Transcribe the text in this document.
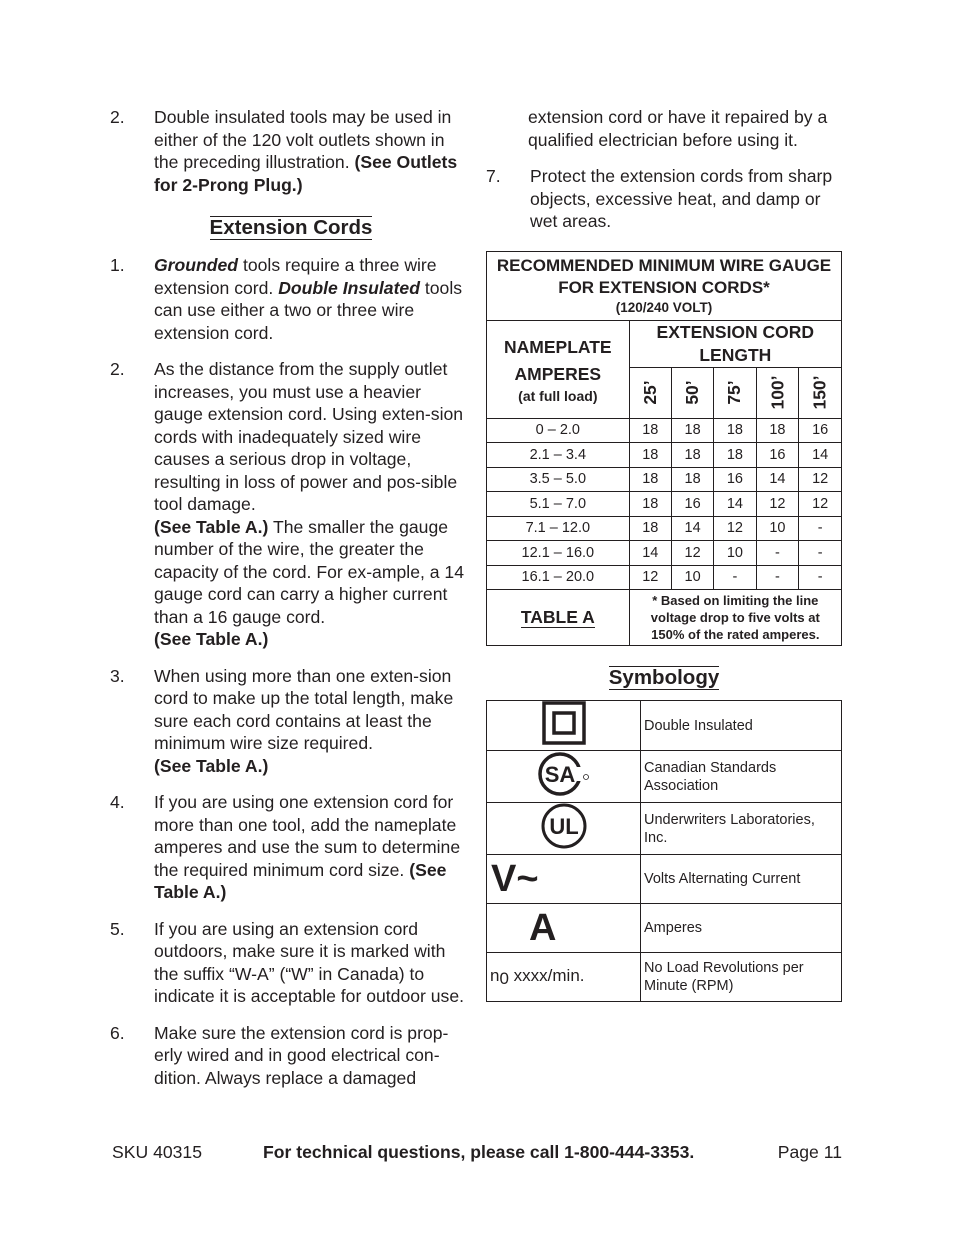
2.	Double insulated tools may be used in either of the 120 volt outlets shown in the preceding illustration. (See Outlets for 2-Prong Plug.)
Extension Cords
1.	Grounded tools require a three wire extension cord. Double Insulated tools can use either a two or three wire extension cord.
2.	As the distance from the supply outlet increases, you must use a heavier gauge extension cord. Using exten-sion cords with inadequately sized wire causes a serious drop in voltage, resulting in loss of power and pos-sible tool damage.
(See Table A.) The smaller the gauge number of the wire, the greater the capacity of the cord. For ex-ample, a 14 gauge cord can carry a higher current than a 16 gauge cord.
(See Table A.)
3.	When using more than one exten-sion cord to make up the total length, make sure each cord contains at least the minimum wire size required.
(See Table A.)
4.	If you are using one extension cord for more than one tool, add the nameplate amperes and use the sum to determine the required minimum cord size. (See Table A.)
5.	If you are using an extension cord outdoors, make sure it is marked with the suffix “W-A” (“W” in Canada) to indicate it is acceptable for outdoor use.
6.	Make sure the extension cord is prop-erly wired and in good electrical con-dition. Always replace a damaged
extension cord or have it repaired by a qualified electrician before using it.
7.	Protect the extension cords from sharp objects, excessive heat, and damp or wet areas.
RECOMMENDED MINIMUM WIRE GAUGE FOR EXTENSION CORDS*
(120/240 VOLT)					

NAMEPLATE AMPERES
(at full load)	EXTENSION CORD LENGTH				

	25’	50’	75’	100’	150’

0 – 2.0	18	18	18	18	16
2.1 – 3.4	18	18	18	16	14
3.5 – 5.0	18	18	16	14	12
5.1 – 7.0	18	16	14	12	12
7.1 – 12.0	18	14	12	10	-
12.1 – 16.0	14	12	10	-	-
16.1 – 20.0	12	10	-	-	-
TABLE A	* Based on limiting the line voltage drop to five volts at 150% of the rated amperes.				
Symbology
	Double Insulated

SA	Canadian Standards Association

UL	Underwriters Laboratories, Inc.
V~	Volts Alternating Current
A	Amperes
$n_0$ xxxx/min.	No Load Revolutions per Minute (RPM)
SKU 40315	For technical questions, please call 1-800-444-3353.	Page 11
